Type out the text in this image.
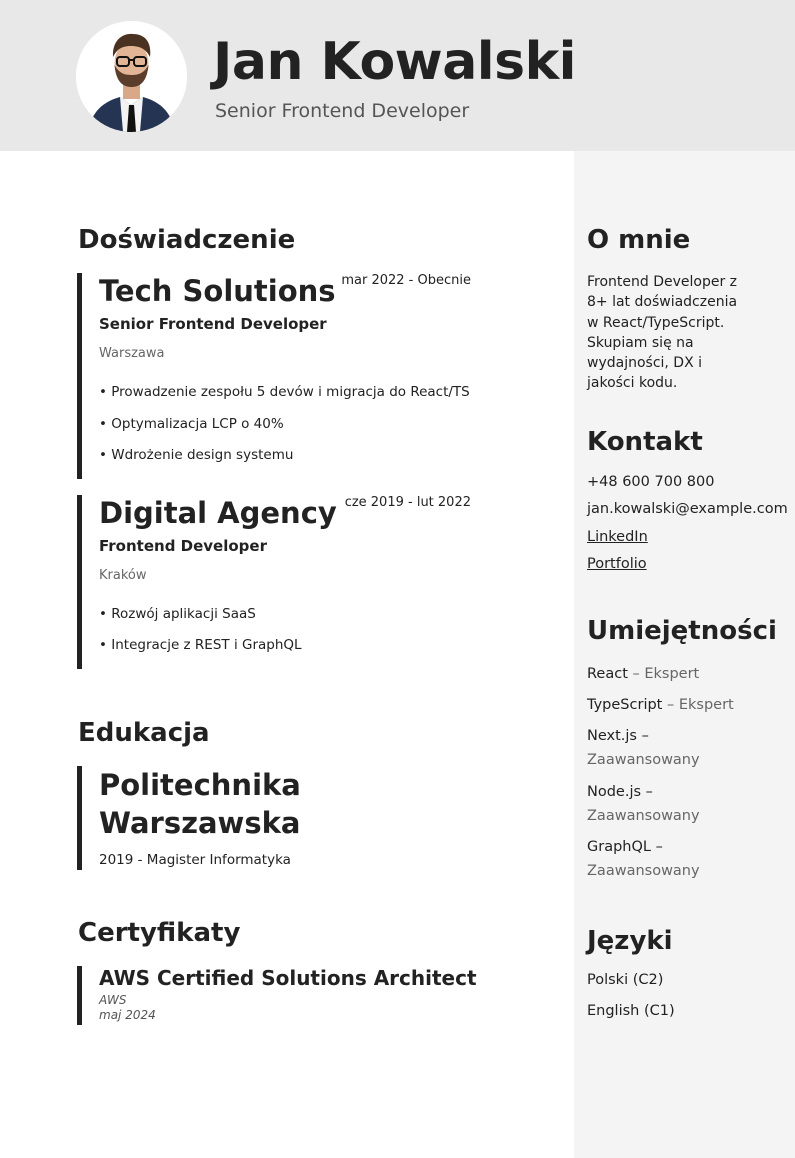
Jan Kowalski
Senior Frontend Developer
Doświadczenie
Tech Solutions mar 2022 - Obecnie
Senior Frontend Developer
Warszawa
• Prowadzenie zespołu 5 devów i migracja do React/TS
• Optymalizacja LCP o 40%
• Wdrożenie design systemu
Digital Agency cze 2019 - lut 2022
Frontend Developer
Kraków
• Rozwój aplikacji SaaS
• Integracje z REST i GraphQL
Edukacja
Politechnika
Warszawska
2019 - Magister Informatyka
Certyfikaty
AWS Certified Solutions Architect
AWS
maj 2024
O mnie
Frontend Developer z
8+ lat doświadczenia
w React/TypeScript.
Skupiam się na
wydajności, DX i
jakości kodu.
Kontakt
+48 600 700 800
jan.kowalski@example.com
LinkedIn
Portfolio
Umiejętności
React – Ekspert
TypeScript – Ekspert
Next.js –
Zaawansowany
Node.js –
Zaawansowany
GraphQL –
Zaawansowany
Języki
Polski (C2)
English (C1)
